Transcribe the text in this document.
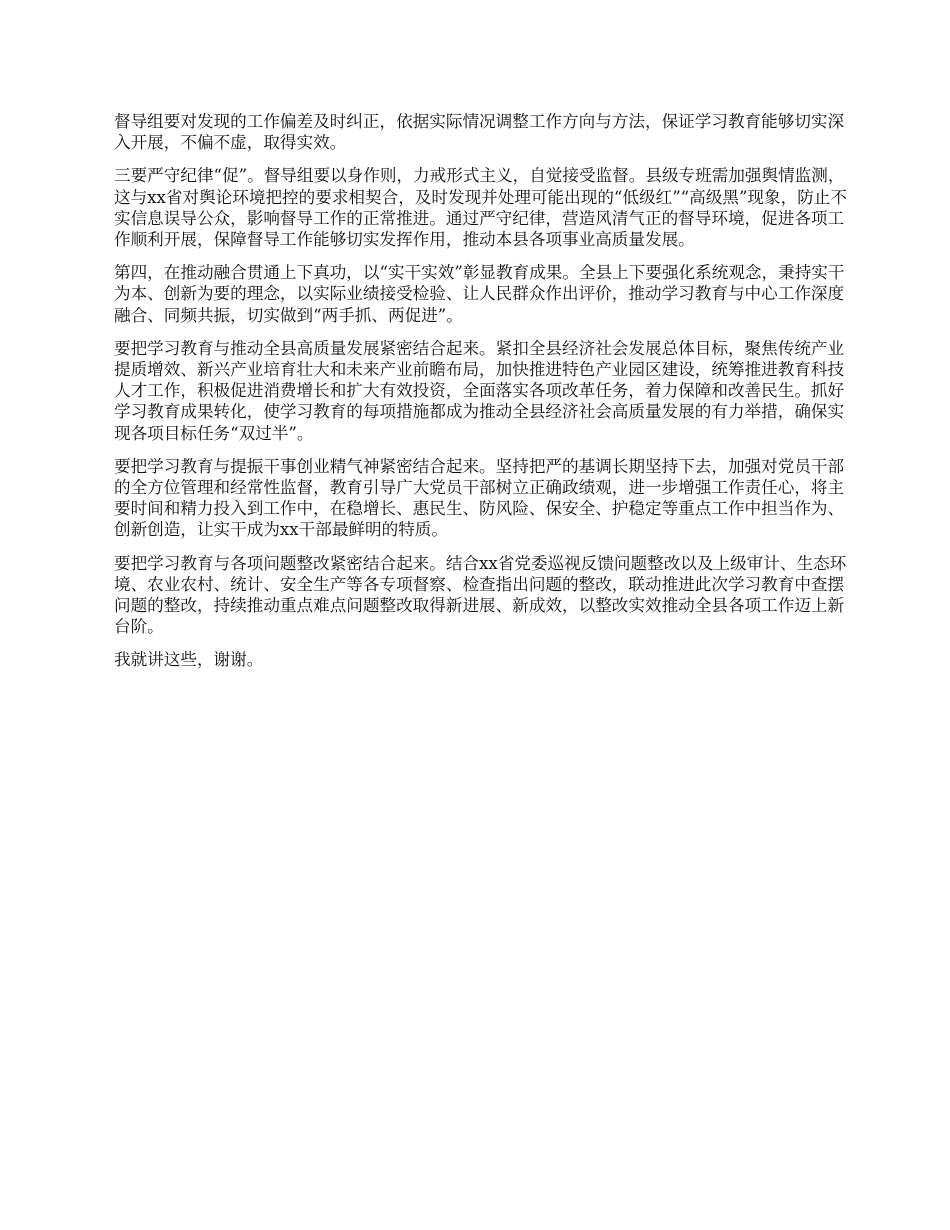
督导组要对发现的工作偏差及时纠正，依据实际情况调整工作方向与方法，保证学习教育能够切实深入开展，不偏不虚，取得实效。

三要严守纪律“促”。督导组要以身作则，力戒形式主义，自觉接受监督。县级专班需加强舆情监测，这与xx省对舆论环境把控的要求相契合，及时发现并处理可能出现的“低级红”“高级黑”现象，防止不实信息误导公众，影响督导工作的正常推进。通过严守纪律，营造风清气正的督导环境，促进各项工作顺利开展，保障督导工作能够切实发挥作用，推动本县各项事业高质量发展。

第四，在推动融合贯通上下真功，以“实干实效”彰显教育成果。全县上下要强化系统观念，秉持实干为本、创新为要的理念，以实际业绩接受检验、让人民群众作出评价，推动学习教育与中心工作深度融合、同频共振，切实做到“两手抓、两促进”。

要把学习教育与推动全县高质量发展紧密结合起来。紧扣全县经济社会发展总体目标，聚焦传统产业提质增效、新兴产业培育壮大和未来产业前瞻布局，加快推进特色产业园区建设，统筹推进教育科技人才工作，积极促进消费增长和扩大有效投资，全面落实各项改革任务，着力保障和改善民生。抓好学习教育成果转化，使学习教育的每项措施都成为推动全县经济社会高质量发展的有力举措，确保实现各项目标任务“双过半”。

要把学习教育与提振干事创业精气神紧密结合起来。坚持把严的基调长期坚持下去，加强对党员干部的全方位管理和经常性监督，教育引导广大党员干部树立正确政绩观，进一步增强工作责任心，将主要时间和精力投入到工作中，在稳增长、惠民生、防风险、保安全、护稳定等重点工作中担当作为、创新创造，让实干成为xx干部最鲜明的特质。

要把学习教育与各项问题整改紧密结合起来。结合xx省党委巡视反馈问题整改以及上级审计、生态环境、农业农村、统计、安全生产等各专项督察、检查指出问题的整改，联动推进此次学习教育中查摆问题的整改，持续推动重点难点问题整改取得新进展、新成效，以整改实效推动全县各项工作迈上新台阶。

我就讲这些，谢谢。
